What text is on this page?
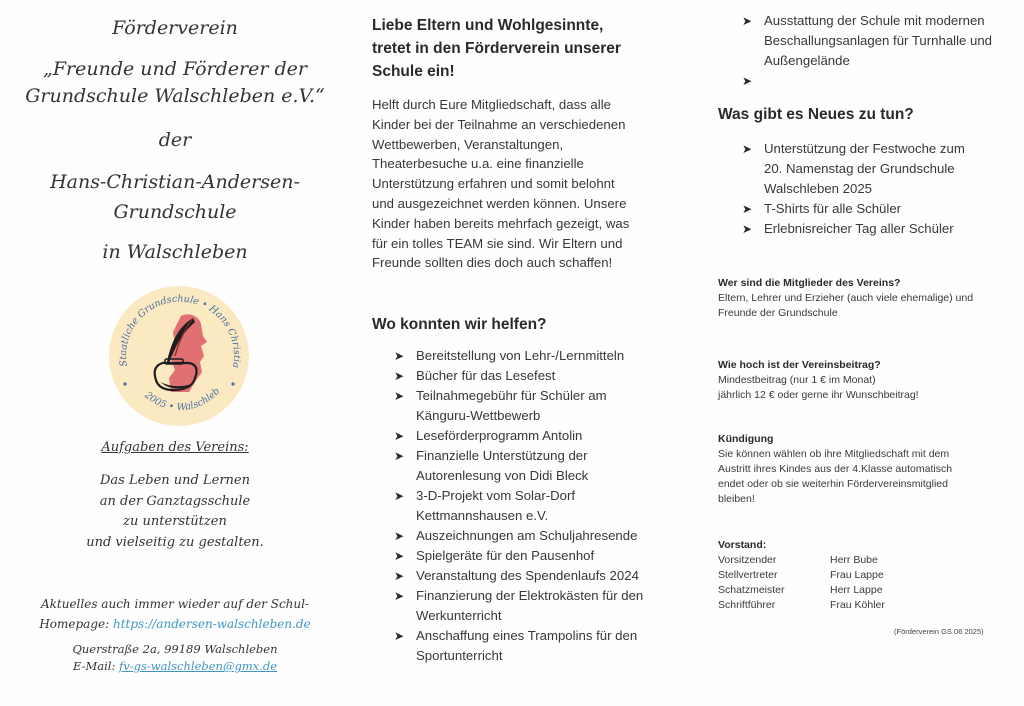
Förderverein
„Freunde und Förderer der
Grundschule Walschleben e.V.“
der
Hans-Christian-Andersen-
Grundschule
in Walschleben
Staatliche Grundschule • Hans Christia
2005 • Walschleb
Aufgaben des Vereins:
Das Leben und Lernen
an der Ganztagsschule
zu unterstützen
und vielseitig zu gestalten.
Aktuelles auch immer wieder auf der Schul-
Homepage: https://andersen-walschleben.de
Querstraße 2a, 99189 Walschleben
E-Mail: fv-gs-walschleben@gmx.de
Liebe Eltern und Wohlgesinnte,
tretet in den Förderverein unserer
Schule ein!
Helft durch Eure Mitgliedschaft, dass alle
Kinder bei der Teilnahme an verschiedenen
Wettbewerben, Veranstaltungen,
Theaterbesuche u.a. eine finanzielle
Unterstützung erfahren und somit belohnt
und ausgezeichnet werden können. Unsere
Kinder haben bereits mehrfach gezeigt, was
für ein tolles TEAM sie sind. Wir Eltern und
Freunde sollten dies doch auch schaffen!
Wo konnten wir helfen?
➤ Bereitstellung von Lehr-/Lernmitteln
➤ Bücher für das Lesefest
➤ Teilnahmegebühr für Schüler am
Känguru-Wettbewerb
➤ Leseförderprogramm Antolin
➤ Finanzielle Unterstützung der
Autorenlesung von Didi Bleck
➤ 3-D-Projekt vom Solar-Dorf
Kettmannshausen e.V.
➤ Auszeichnungen am Schuljahresende
➤ Spielgeräte für den Pausenhof
➤ Veranstaltung des Spendenlaufs 2024
➤ Finanzierung der Elektrokästen für den
Werkunterricht
➤ Anschaffung eines Trampolins für den
Sportunterricht
➤ Ausstattung der Schule mit modernen
Beschallungsanlagen für Turnhalle und
Außengelände
➤

Was gibt es Neues zu tun?
➤ Unterstützung der Festwoche zum
20. Namenstag der Grundschule
Walschleben 2025
➤ T-Shirts für alle Schüler
➤ Erlebnisreicher Tag aller Schüler
Wer sind die Mitglieder des Vereins?
Eltern, Lehrer und Erzieher (auch viele ehemalige) und
Freunde der Grundschule
Wie hoch ist der Vereinsbeitrag?
Mindestbeitrag (nur 1 € im Monat)
jährlich 12 € oder gerne ihr Wunschbeitrag!
Kündigung
Sie können wählen ob ihre Mitgliedschaft mit dem
Austritt ihres Kindes aus der 4.Klasse automatisch
endet oder ob sie weiterhin Fördervereinsmitglied
bleiben!
Vorstand:
Vorsitzender	Herr Bube
Stellvertreter	Frau Lappe
Schatzmeister	Herr Lappe
Schriftführer	Frau Köhler
(Förderverein GS 06 2025)
